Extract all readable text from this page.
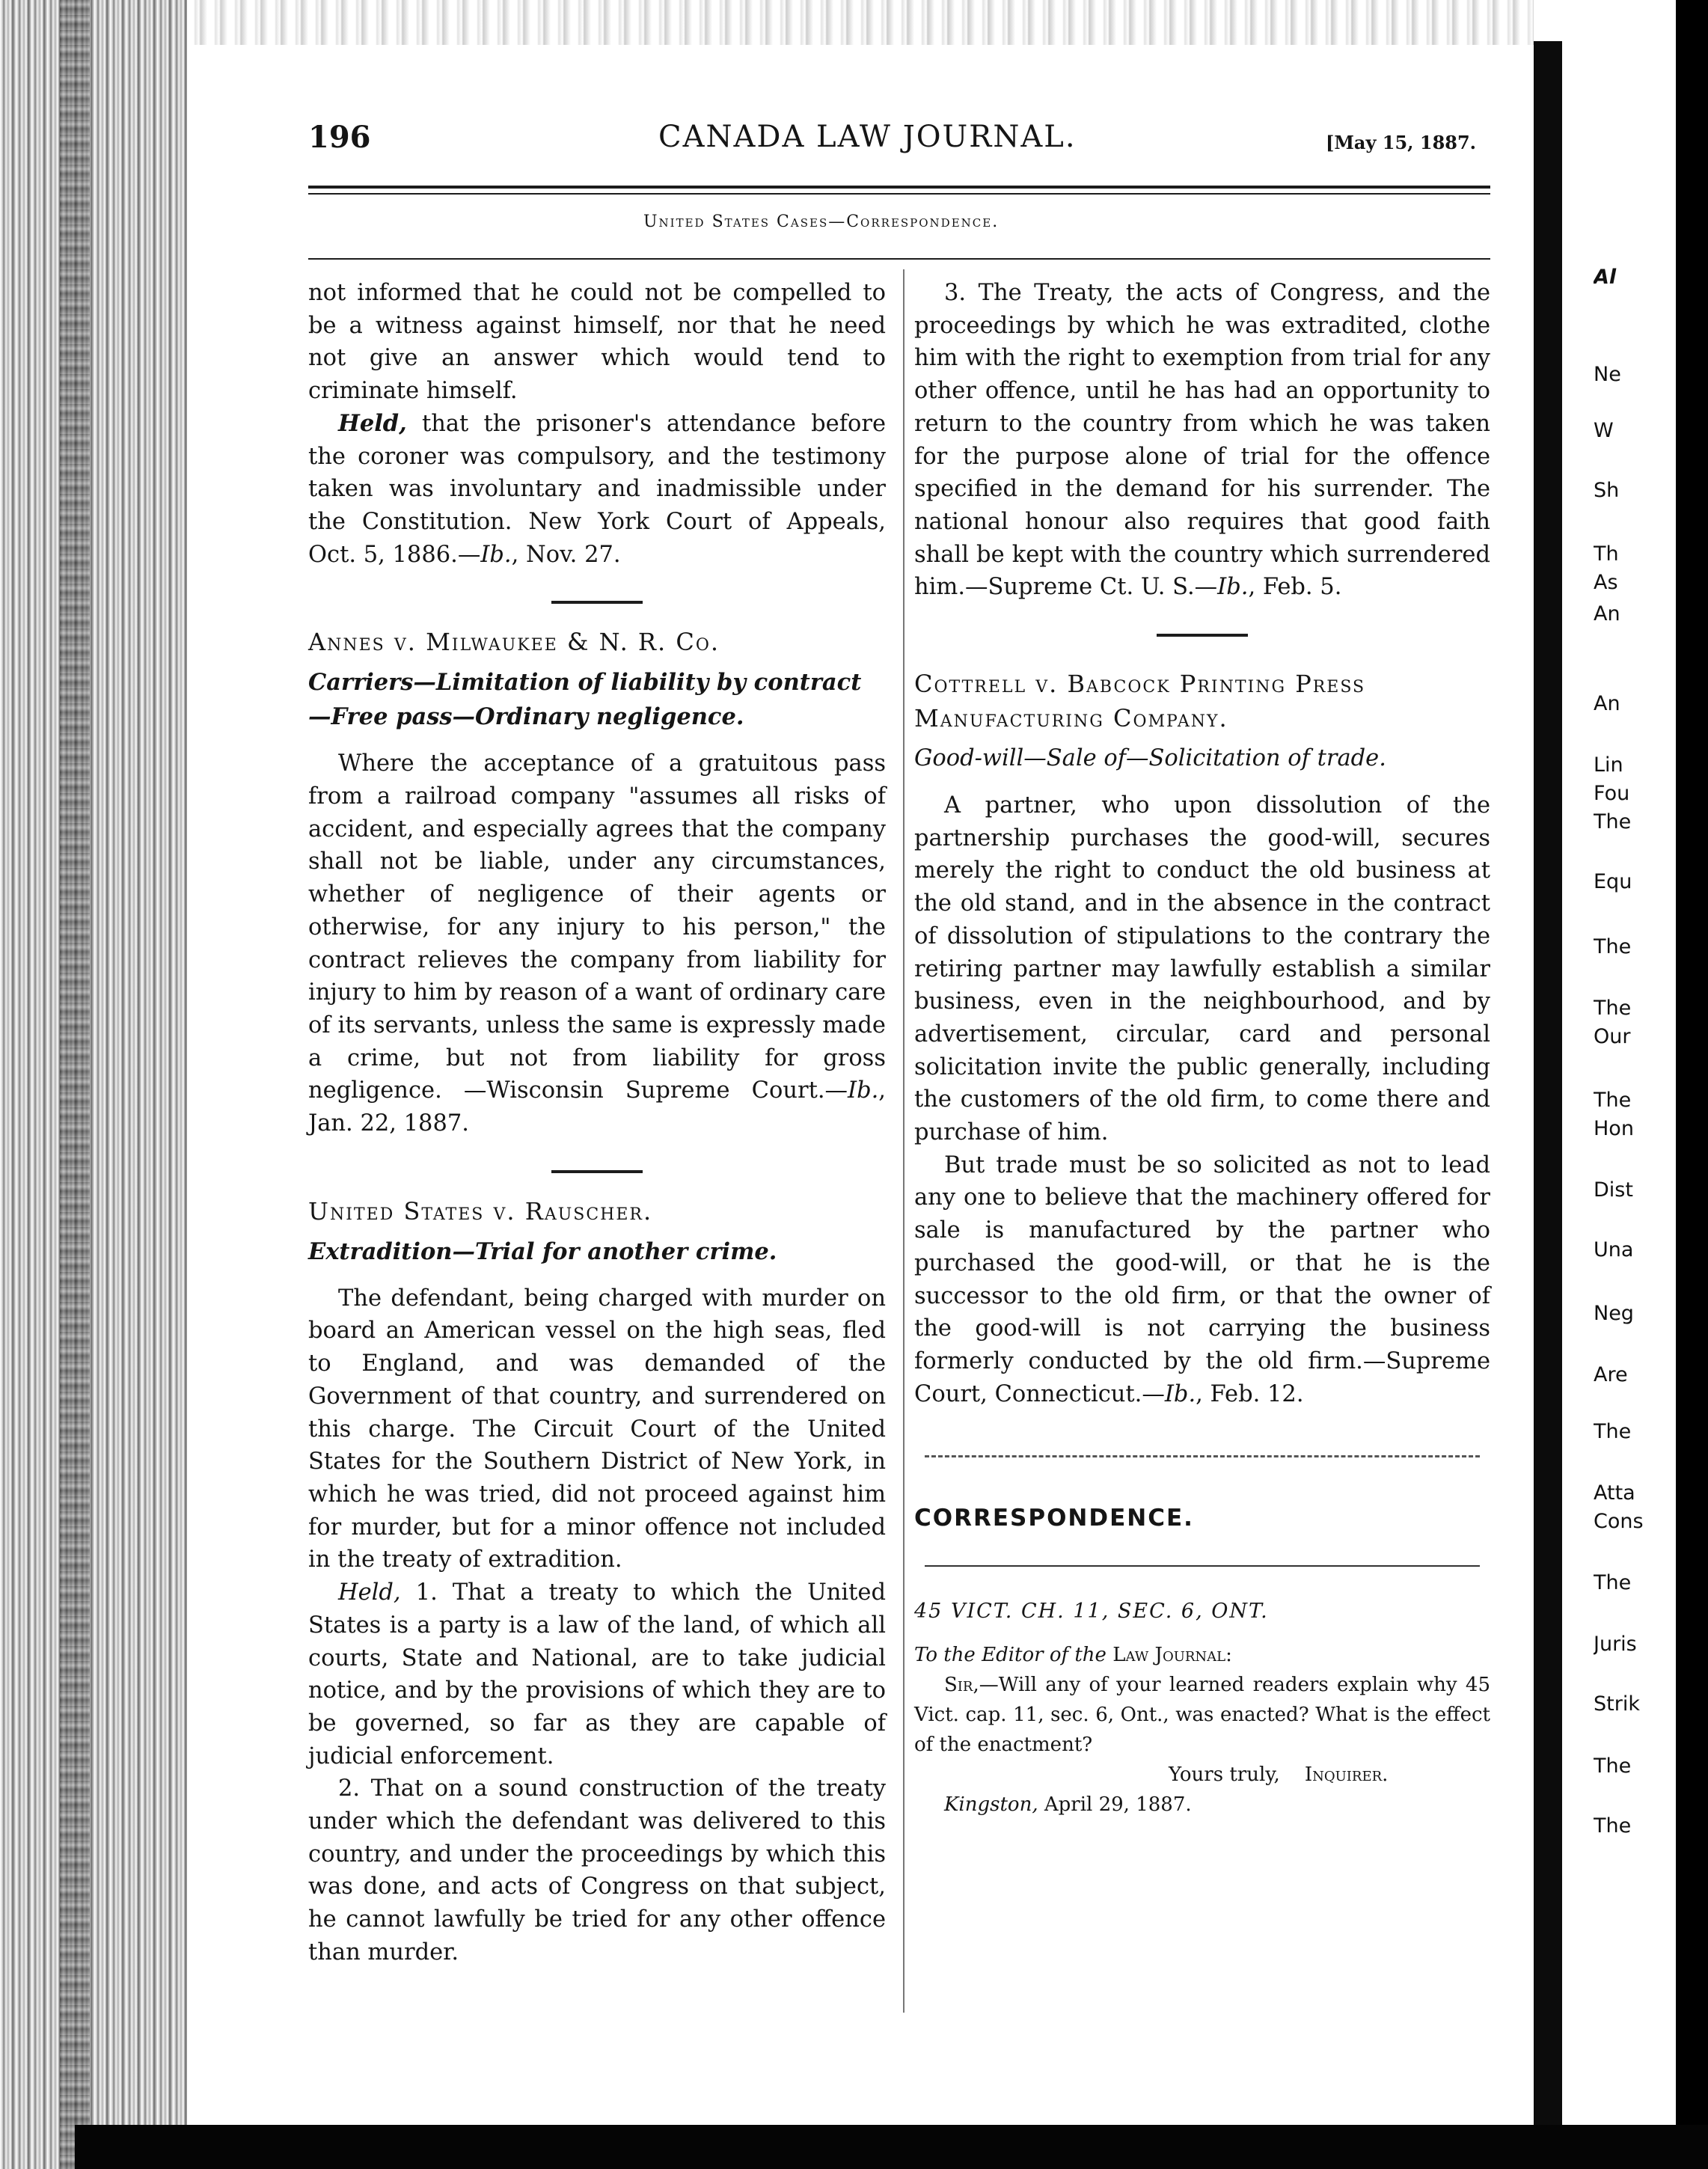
Al
Ne
W
Sh
Th
As
An
An
Lin
Fou
The
Equ
The
The
Our
The
Hon
Dist
Una
Neg
Are
The
Atta
Cons
The
Juris
Strik
The
The
196	CANADA LAW JOURNAL.	[May 15, 1887.
United States Cases—Correspondence.

not informed that he could not be compelled to be a witness against himself, nor that he need not give an answer which would tend to criminate himself.

Held, that the prisoner's attendance before the coroner was compulsory, and the testimony taken was involuntary and inadmissible under the Constitution. New York Court of Appeals, Oct. 5, 1886.—Ib., Nov. 27.

Annes v. Milwaukee & N. R. Co.

Carriers—Limitation of liability by contract

—Free pass—Ordinary negligence.

Where the acceptance of a gratuitous pass from a railroad company "assumes all risks of accident, and especially agrees that the company shall not be liable, under any circumstances, whether of negligence of their agents or otherwise, for any injury to his person," the contract relieves the company from liability for injury to him by reason of a want of ordinary care of its servants, unless the same is expressly made a crime, but not from liability for gross negligence. —Wisconsin Supreme Court.—Ib., Jan. 22, 1887.

United States v. Rauscher.

Extradition—Trial for another crime.

The defendant, being charged with murder on board an American vessel on the high seas, fled to England, and was demanded of the Government of that country, and surrendered on this charge. The Circuit Court of the United States for the Southern District of New York, in which he was tried, did not proceed against him for murder, but for a minor offence not included in the treaty of extradition.

Held, 1. That a treaty to which the United States is a party is a law of the land, of which all courts, State and National, are to take judicial notice, and by the provisions of which they are to be governed, so far as they are capable of judicial enforcement.

2. That on a sound construction of the treaty under which the defendant was delivered to this country, and under the proceedings by which this was done, and acts of Congress on that subject, he cannot lawfully be tried for any other offence than murder.

3. The Treaty, the acts of Congress, and the proceedings by which he was extradited, clothe him with the right to exemption from trial for any other offence, until he has had an opportunity to return to the country from which he was taken for the purpose alone of trial for the offence specified in the demand for his surrender. The national honour also requires that good faith shall be kept with the country which surrendered him.—Supreme Ct. U. S.—Ib., Feb. 5.

Cottrell v. Babcock Printing Press

Manufacturing Company.

Good-will—Sale of—Solicitation of trade.

A partner, who upon dissolution of the partnership purchases the good-will, secures merely the right to conduct the old business at the old stand, and in the absence in the contract of dissolution of stipulations to the contrary the retiring partner may lawfully establish a similar business, even in the neighbourhood, and by advertisement, circular, card and personal solicitation invite the public generally, including the customers of the old firm, to come there and purchase of him.

But trade must be so solicited as not to lead any one to believe that the machinery offered for sale is manufactured by the partner who purchased the good-will, or that he is the successor to the old firm, or that the owner of the good-will is not carrying the business formerly conducted by the old firm.—Supreme Court, Connecticut.—Ib., Feb. 12.

CORRESPONDENCE.

45 VICT. CH. 11, SEC. 6, ONT.

To the Editor of the Law Journal:

Sir,—Will any of your learned readers explain why 45 Vict. cap. 11, sec. 6, Ont., was enacted? What is the effect of the enactment?

Yours truly, Inquirer.

Kingston, April 29, 1887.
